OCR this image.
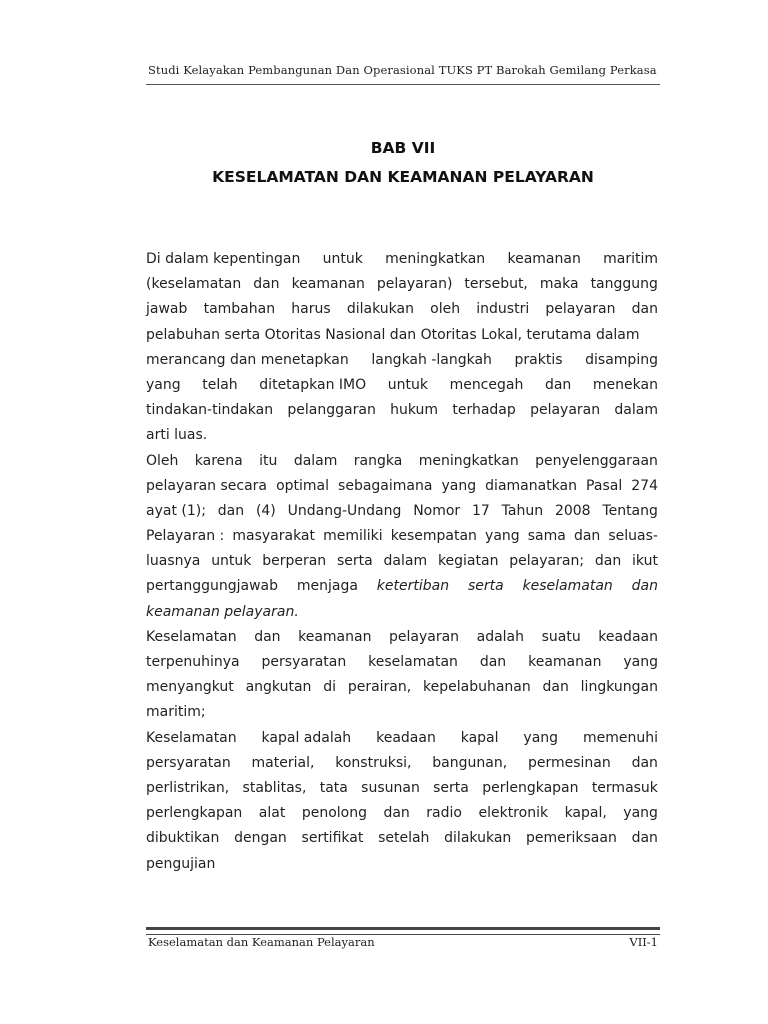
Studi Kelayakan Pembangunan Dan Operasional TUKS PT Barokah Gemilang Perkasa
BAB VII
KESELAMATAN DAN KEAMANAN PELAYARAN
Di dalam kepentingan untuk meningkatkan keamanan maritim
(keselamatan dan keamanan pelayaran) tersebut, maka tanggung
jawab tambahan harus dilakukan oleh industri pelayaran dan
pelabuhan serta Otoritas Nasional dan Otoritas Lokal, terutama dalam
merancang dan menetapkan langkah -langkah praktis disamping
yang telah ditetapkan IMO untuk mencegah dan menekan
tindakan-tindakan pelanggaran hukum terhadap pelayaran dalam
arti luas.
Oleh karena itu dalam rangka meningkatkan penyelenggaraan
pelayaran secara optimal sebagaimana yang diamanatkan Pasal 274
ayat (1); dan (4) Undang-Undang Nomor 17 Tahun 2008 Tentang
Pelayaran : masyarakat memiliki kesempatan yang sama dan seluas-
luasnya untuk berperan serta dalam kegiatan pelayaran; dan ikut
pertanggungjawab menjaga ketertiban serta keselamatan dan
keamanan pelayaran.
Keselamatan dan keamanan pelayaran adalah suatu keadaan
terpenuhinya persyaratan keselamatan dan keamanan yang
menyangkut angkutan di perairan, kepelabuhanan dan lingkungan
maritim;
Keselamatan kapal adalah keadaan kapal yang memenuhi
persyaratan material, konstruksi, bangunan, permesinan dan
perlistrikan, stablitas, tata susunan serta perlengkapan termasuk
perlengkapan alat penolong dan radio elektronik kapal, yang
dibuktikan dengan sertifikat setelah dilakukan pemeriksaan dan
pengujian
Keselamatan dan Keamanan Pelayaran	VII-1
